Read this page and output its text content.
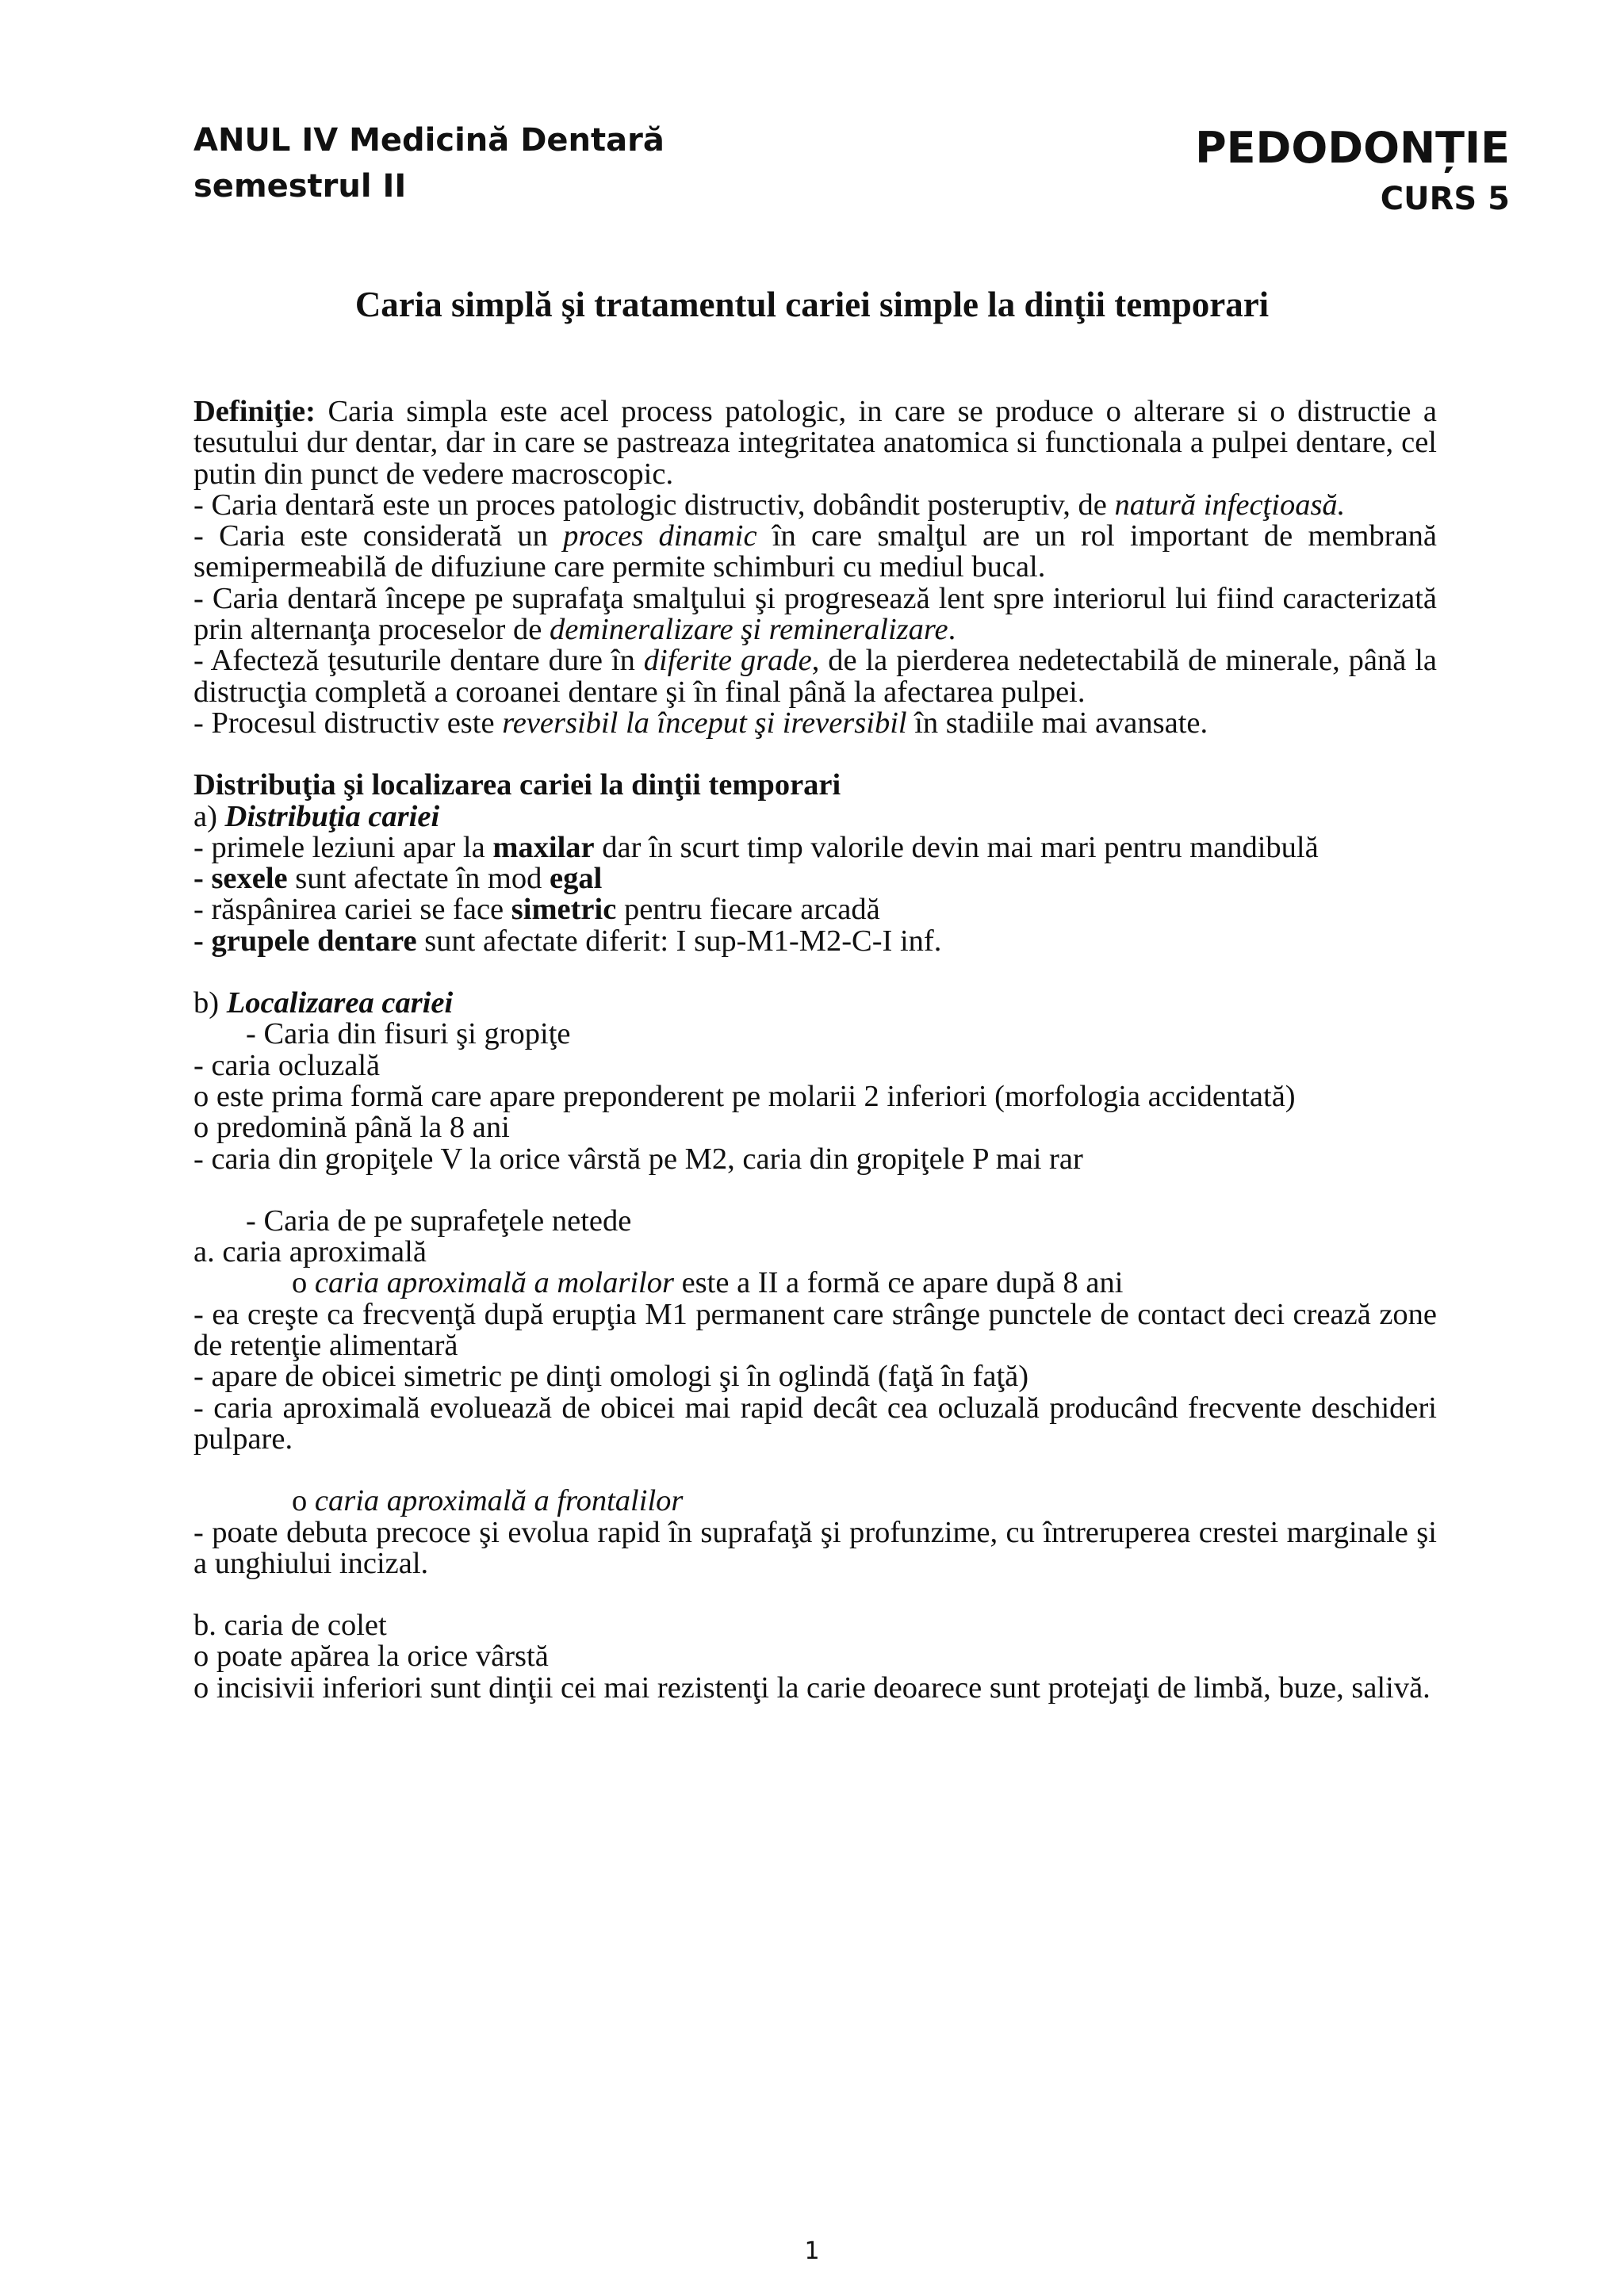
ANUL IV Medicină Dentară
semestrul II
PEDODONȚIE
CURS 5
Caria simplă şi tratamentul cariei simple la dinţii temporari

Definiţie: Caria simpla este acel process patologic, in care se produce o alterare si o distructie a tesutului dur dentar, dar in care se pastreaza integritatea anatomica si functionala a pulpei dentare, cel putin din punct de vedere macroscopic.

- Caria dentară este un proces patologic distructiv, dobândit posteruptiv, de natură infecţioasă.

- Caria este considerată un proces dinamic în care smalţul are un rol important de membrană semipermeabilă de difuziune care permite schimburi cu mediul bucal.

- Caria dentară începe pe suprafaţa smalţului şi progresează lent spre interiorul lui fiind caracterizată prin alternanţa proceselor de demineralizare şi remineralizare.

- Afecteză ţesuturile dentare dure în diferite grade, de la pierderea nedetectabilă de minerale, până la distrucţia completă a coroanei dentare şi în final până la afectarea pulpei.

- Procesul distructiv este reversibil la început şi ireversibil în stadiile mai avansate.

Distribuţia şi localizarea cariei la dinţii temporari

a) Distribuţia cariei

- primele leziuni apar la maxilar dar în scurt timp valorile devin mai mari pentru mandibulă

- sexele sunt afectate în mod egal

- răspânirea cariei se face simetric pentru fiecare arcadă

- grupele dentare sunt afectate diferit: I sup-M1-M2-C-I inf.

b) Localizarea cariei

- Caria din fisuri şi gropiţe

- caria ocluzală

o este prima formă care apare preponderent pe molarii 2 inferiori (morfologia accidentată)

o predomină până la 8 ani

- caria din gropiţele V la orice vârstă pe M2, caria din gropiţele P mai rar

- Caria de pe suprafeţele netede

a. caria aproximală

o caria aproximală a molarilor este a II a formă ce apare după 8 ani

- ea creşte ca frecvenţă după erupţia M1 permanent care strânge punctele de contact deci crează zone de retenţie alimentară

- apare de obicei simetric pe dinţi omologi şi în oglindă (faţă în faţă)

- caria aproximală evoluează de obicei mai rapid decât cea ocluzală producând frecvente deschideri pulpare.

o caria aproximală a frontalilor

- poate debuta precoce şi evolua rapid în suprafaţă şi profunzime, cu întreruperea crestei marginale şi a unghiului incizal.

b. caria de colet

o poate apărea la orice vârstă

o incisivii inferiori sunt dinţii cei mai rezistenţi la carie deoarece sunt protejaţi de limbă, buze, salivă.

1
